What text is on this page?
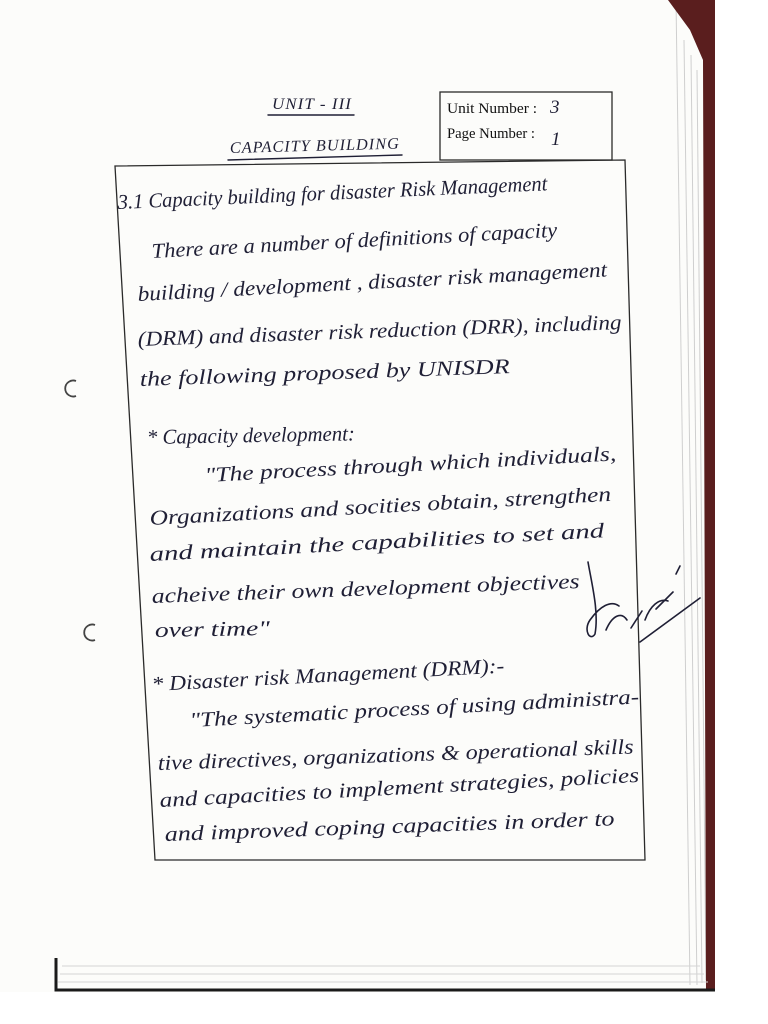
UNIT - III
CAPACITY BUILDING
Unit Number : 3
Page Number : 1
3.1 Capacity building for disaster Risk Management
There are a number of definitions of capacity
building / development , disaster risk management
(DRM) and disaster risk reduction (DRR), including
the following proposed by UNISDR
* Capacity development:
"The process through which individuals,
Organizations and socities obtain, strengthen
and maintain the capabilities to set and
acheive their own development objectives
over time"
* Disaster risk Management (DRM):-
"The systematic process of using administra-
tive directives, organizations & operational skills
and capacities to implement strategies, policies
and improved coping capacities in order to
